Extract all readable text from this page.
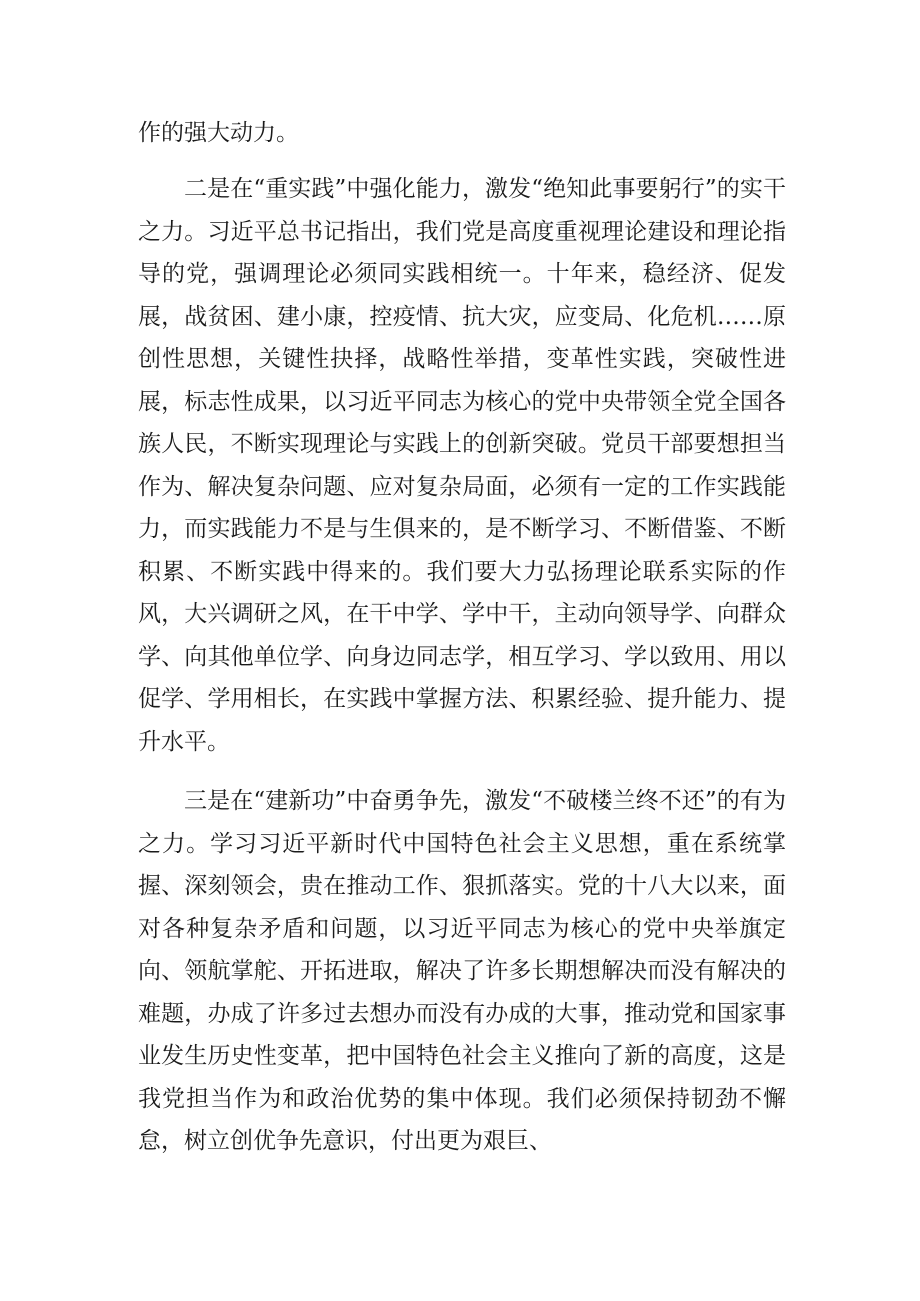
作的强大动力。

二是在“重实践”中强化能力，激发“绝知此事要躬行”的实干之力。习近平总书记指出，我们党是高度重视理论建设和理论指导的党，强调理论必须同实践相统一。十年来，稳经济、促发展，战贫困、建小康，控疫情、抗大灾，应变局、化危机……原创性思想，关键性抉择，战略性举措，变革性实践，突破性进展，标志性成果，以习近平同志为核心的党中央带领全党全国各族人民，不断实现理论与实践上的创新突破。党员干部要想担当作为、解决复杂问题、应对复杂局面，必须有一定的工作实践能力，而实践能力不是与生俱来的，是不断学习、不断借鉴、不断积累、不断实践中得来的。我们要大力弘扬理论联系实际的作风，大兴调研之风，在干中学、学中干，主动向领导学、向群众学、向其他单位学、向身边同志学，相互学习、学以致用、用以促学、学用相长，在实践中掌握方法、积累经验、提升能力、提升水平。

三是在“建新功”中奋勇争先，激发“不破楼兰终不还”的有为之力。学习习近平新时代中国特色社会主义思想，重在系统掌握、深刻领会，贵在推动工作、狠抓落实。党的十八大以来，面对各种复杂矛盾和问题，以习近平同志为核心的党中央举旗定向、领航掌舵、开拓进取，解决了许多长期想解决而没有解决的难题，办成了许多过去想办而没有办成的大事，推动党和国家事业发生历史性变革，把中国特色社会主义推向了新的高度，这是我党担当作为和政治优势的集中体现。我们必须保持韧劲不懈怠，树立创优争先意识，付出更为艰巨、
